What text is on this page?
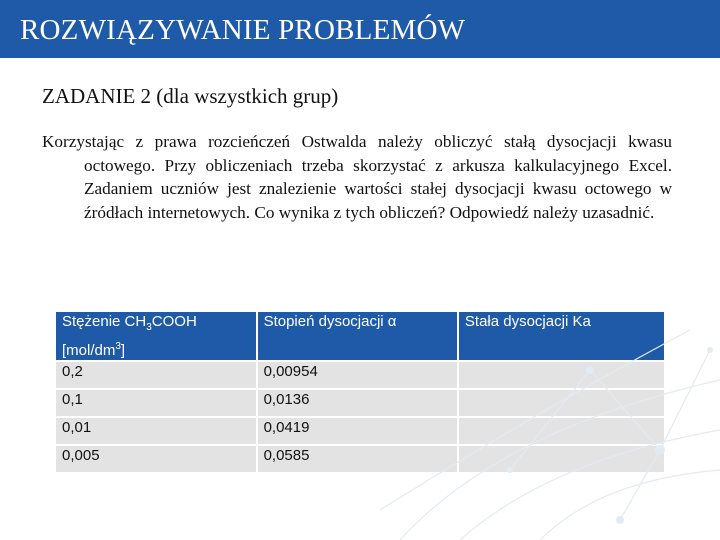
ROZWIĄZYWANIE PROBLEMÓW
ZADANIE 2 (dla wszystkich grup)
Korzystając z prawa rozcieńczeń Ostwalda należy obliczyć stałą dysocjacji kwasu octowego. Przy obliczeniach trzeba skorzystać z arkusza kalkulacyjnego Excel. Zadaniem uczniów jest znalezienie wartości stałej dysocjacji kwasu octowego w źródłach internetowych. Co wynika z tych obliczeń? Odpowiedź należy uzasadnić.
Stężenie $CH_3COOH$ $[mol/dm^3]$	Stopień dysocjacji α	Stała dysocjacji Ka
0,2	0,00954	
0,1	0,0136	
0,01	0,0419	
0,005	0,0585	
